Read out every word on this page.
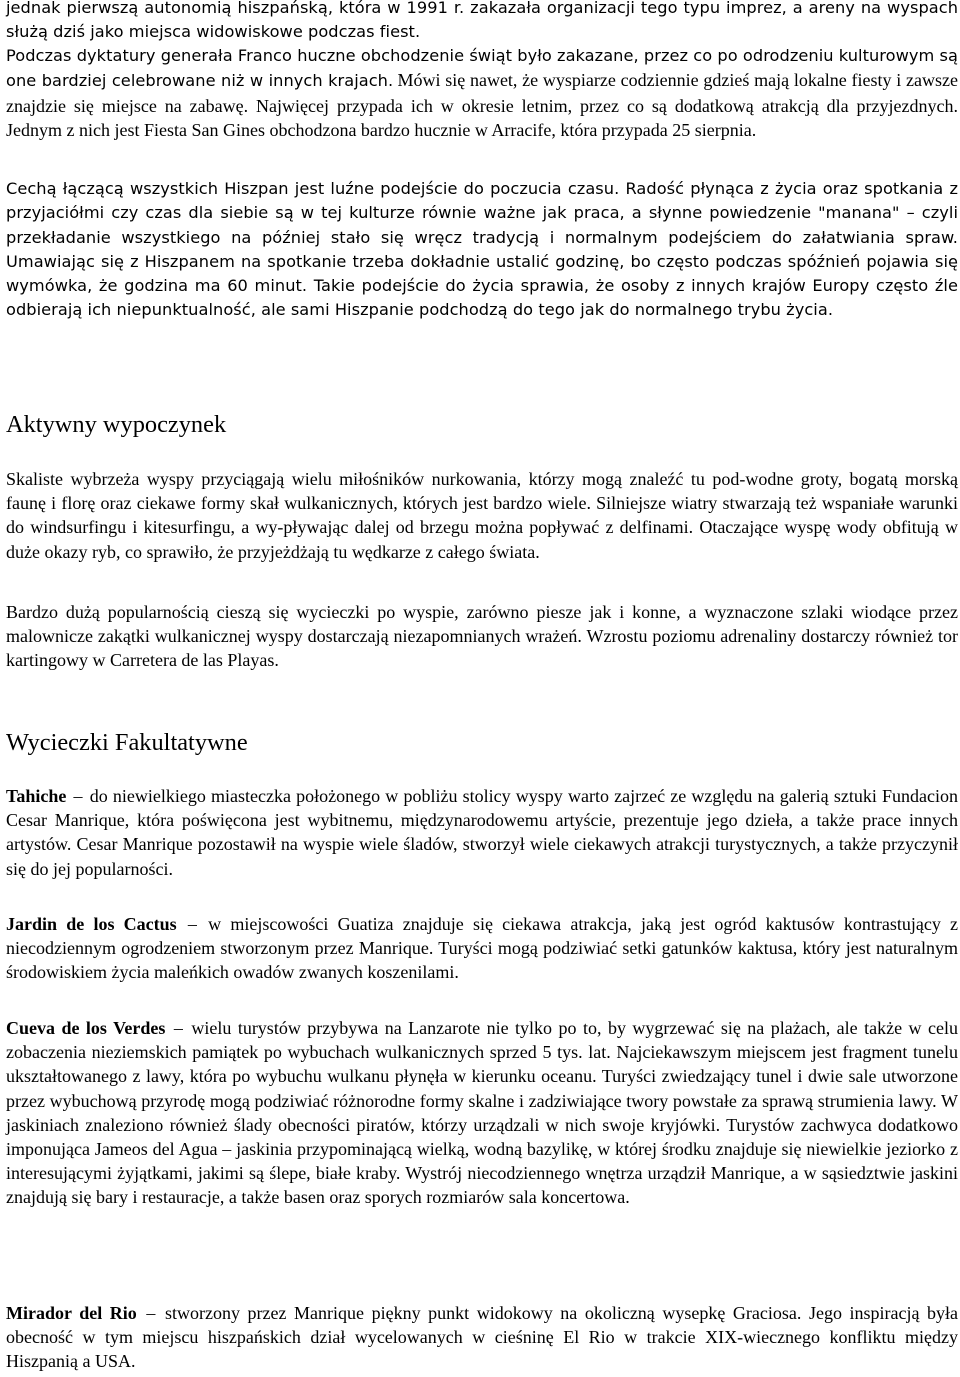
jednak pierwszą autonomią hiszpańską, która w 1991 r. zakazała organizacji tego typu imprez, a areny na wyspach służą dziś jako miejsca widowiskowe podczas fiest.

Podczas dyktatury generała Franco huczne obchodzenie świąt było zakazane, przez co po odrodzeniu kulturowym są one bardziej celebrowane niż w innych krajach. Mówi się nawet, że wyspiarze codziennie gdzieś mają lokalne fiesty i zawsze znajdzie się miejsce na zabawę. Najwięcej przypada ich w okresie letnim, przez co są dodatkową atrakcją dla przyjezdnych. Jednym z nich jest Fiesta San Gines obchodzona bardzo hucznie w Arracife, która przypada 25 sierpnia.

Cechą łączącą wszystkich Hiszpan jest luźne podejście do poczucia czasu. Radość płynąca z życia oraz spotkania z przyjaciółmi czy czas dla siebie są w tej kulturze równie ważne jak praca, a słynne powiedzenie "manana" – czyli przekładanie wszystkiego na później stało się wręcz tradycją i normalnym podejściem do załatwiania spraw. Umawiając się z Hiszpanem na spotkanie trzeba dokładnie ustalić godzinę, bo często podczas spóźnień pojawia się wymówka, że godzina ma 60 minut. Takie podejście do życia sprawia, że osoby z innych krajów Europy często źle odbierają ich niepunktualność, ale sami Hiszpanie podchodzą do tego jak do normalnego trybu życia.

Aktywny wypoczynek

Skaliste wybrzeża wyspy przyciągają wielu miłośników nurkowania, którzy mogą znaleźć tu pod-wodne groty, bogatą morską faunę i florę oraz ciekawe formy skał wulkanicznych, których jest bardzo wiele. Silniejsze wiatry stwarzają też wspaniałe warunki do windsurfingu i kitesurfingu, a wy-pływając dalej od brzegu można popływać z delfinami. Otaczające wyspę wody obfitują w duże okazy ryb, co sprawiło, że przyjeżdżają tu wędkarze z całego świata.

Bardzo dużą popularnością cieszą się wycieczki po wyspie, zarówno piesze jak i konne, a wyznaczone szlaki wiodące przez malownicze zakątki wulkanicznej wyspy dostarczają niezapomnianych wrażeń. Wzrostu poziomu adrenaliny dostarczy również tor kartingowy w Carretera de las Playas.

Wycieczki Fakultatywne

Tahiche – do niewielkiego miasteczka położonego w pobliżu stolicy wyspy warto zajrzeć ze względu na galerią sztuki Fundacion Cesar Manrique, która poświęcona jest wybitnemu, międzynarodowemu artyście, prezentuje jego dzieła, a także prace innych artystów. Cesar Manrique pozostawił na wyspie wiele śladów, stworzył wiele ciekawych atrakcji turystycznych, a także przyczynił się do jej popularności.

Jardin de los Cactus – w miejscowości Guatiza znajduje się ciekawa atrakcja, jaką jest ogród kaktusów kontrastujący z niecodziennym ogrodzeniem stworzonym przez Manrique. Turyści mogą podziwiać setki gatunków kaktusa, który jest naturalnym środowiskiem życia maleńkich owadów zwanych koszenilami.

Cueva de los Verdes – wielu turystów przybywa na Lanzarote nie tylko po to, by wygrzewać się na plażach, ale także w celu zobaczenia nieziemskich pamiątek po wybuchach wulkanicznych sprzed 5 tys. lat. Najciekawszym miejscem jest fragment tunelu ukształtowanego z lawy, która po wybuchu wulkanu płynęła w kierunku oceanu. Turyści zwiedzający tunel i dwie sale utworzone przez wybuchową przyrodę mogą podziwiać różnorodne formy skalne i zadziwiające twory powstałe za sprawą strumienia lawy. W jaskiniach znaleziono również ślady obecności piratów, którzy urządzali w nich swoje kryjówki. Turystów zachwyca dodatkowo imponująca Jameos del Agua – jaskinia przypominającą wielką, wodną bazylikę, w której środku znajduje się niewielkie jeziorko z interesującymi żyjątkami, jakimi są ślepe, białe kraby. Wystrój niecodziennego wnętrza urządził Manrique, a w sąsiedztwie jaskini znajdują się bary i restauracje, a także basen oraz sporych rozmiarów sala koncertowa.

Mirador del Rio – stworzony przez Manrique piękny punkt widokowy na okoliczną wysepkę Graciosa. Jego inspiracją była obecność w tym miejscu hiszpańskich dział wycelowanych w cieśninę El Rio w trakcie XIX-wiecznego konfliktu między Hiszpanią a USA.
